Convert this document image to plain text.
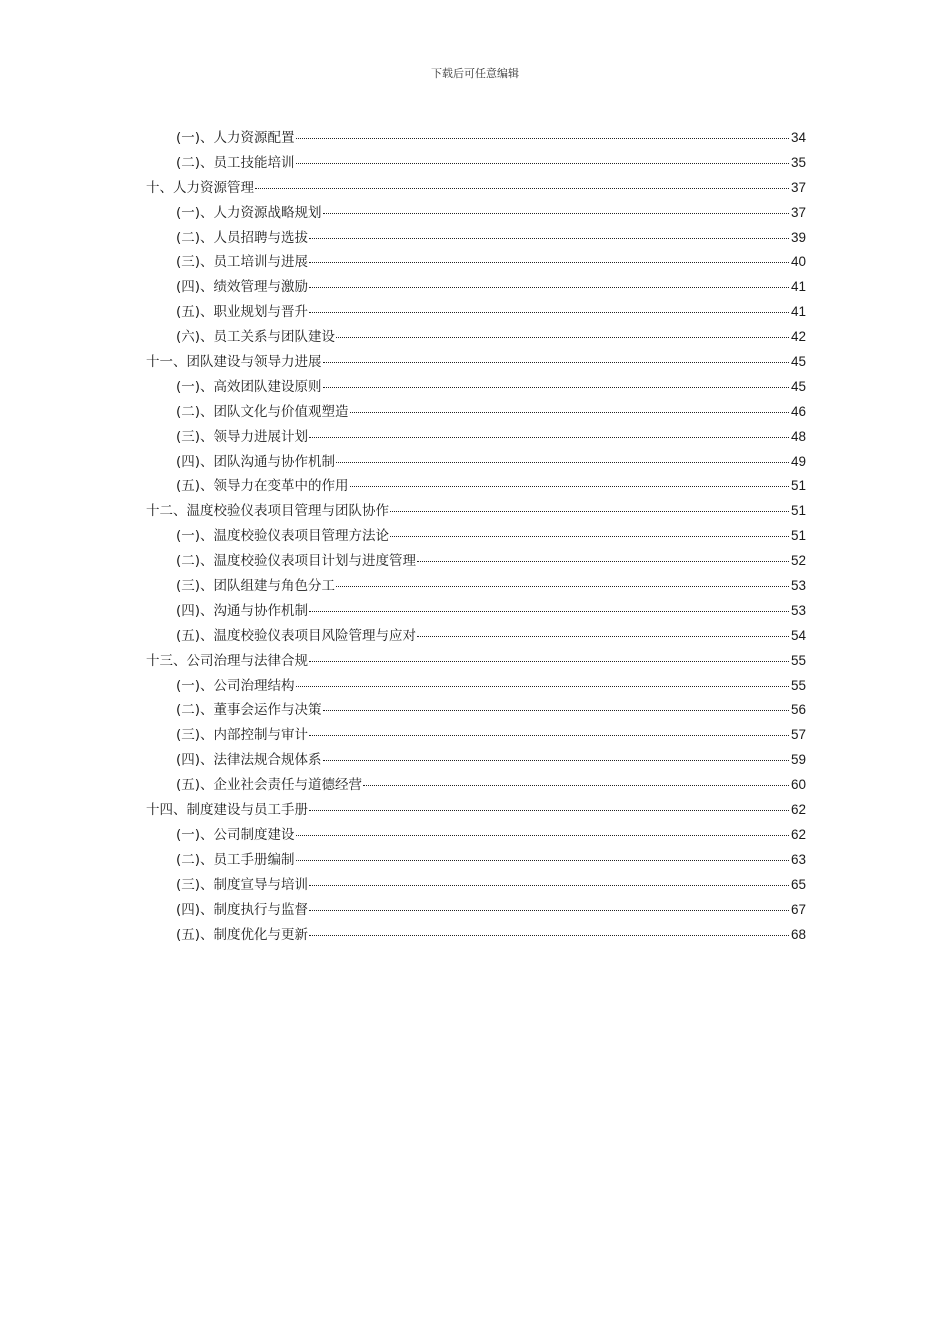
下载后可任意编辑
(一)、人力资源配置	34
(二)、员工技能培训	35
十、人力资源管理	37
(一)、人力资源战略规划	37
(二)、人员招聘与选拔	39
(三)、员工培训与进展	40
(四)、绩效管理与激励	41
(五)、职业规划与晋升	41
(六)、员工关系与团队建设	42
十一、团队建设与领导力进展	45
(一)、高效团队建设原则	45
(二)、团队文化与价值观塑造	46
(三)、领导力进展计划	48
(四)、团队沟通与协作机制	49
(五)、领导力在变革中的作用	51
十二、温度校验仪表项目管理与团队协作	51
(一)、温度校验仪表项目管理方法论	51
(二)、温度校验仪表项目计划与进度管理	52
(三)、团队组建与角色分工	53
(四)、沟通与协作机制	53
(五)、温度校验仪表项目风险管理与应对	54
十三、公司治理与法律合规	55
(一)、公司治理结构	55
(二)、董事会运作与决策	56
(三)、内部控制与审计	57
(四)、法律法规合规体系	59
(五)、企业社会责任与道德经营	60
十四、制度建设与员工手册	62
(一)、公司制度建设	62
(二)、员工手册编制	63
(三)、制度宣导与培训	65
(四)、制度执行与监督	67
(五)、制度优化与更新	68
